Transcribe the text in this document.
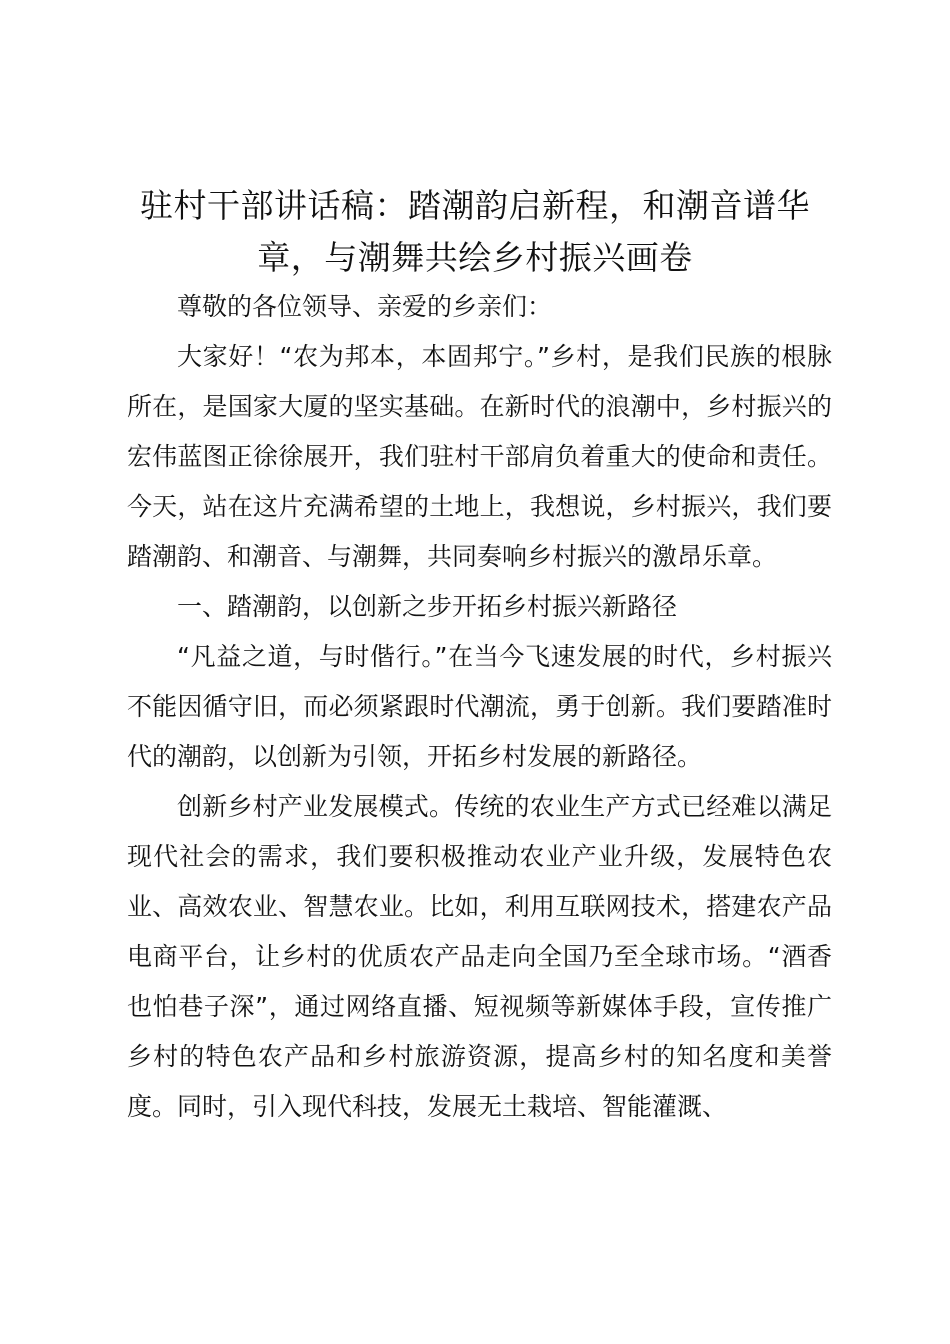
驻村干部讲话稿：踏潮韵启新程，和潮音谱华章，与潮舞共绘乡村振兴画卷

尊敬的各位领导、亲爱的乡亲们：

大家好！“农为邦本，本固邦宁。”乡村，是我们民族的根脉所在，是国家大厦的坚实基础。在新时代的浪潮中，乡村振兴的宏伟蓝图正徐徐展开，我们驻村干部肩负着重大的使命和责任。今天，站在这片充满希望的土地上，我想说，乡村振兴，我们要踏潮韵、和潮音、与潮舞，共同奏响乡村振兴的激昂乐章。

一、踏潮韵，以创新之步开拓乡村振兴新路径

“凡益之道，与时偕行。”在当今飞速发展的时代，乡村振兴不能因循守旧，而必须紧跟时代潮流，勇于创新。我们要踏准时代的潮韵，以创新为引领，开拓乡村发展的新路径。

创新乡村产业发展模式。传统的农业生产方式已经难以满足现代社会的需求，我们要积极推动农业产业升级，发展特色农业、高效农业、智慧农业。比如，利用互联网技术，搭建农产品电商平台，让乡村的优质农产品走向全国乃至全球市场。“酒香也怕巷子深”，通过网络直播、短视频等新媒体手段，宣传推广乡村的特色农产品和乡村旅游资源，提高乡村的知名度和美誉度。同时，引入现代科技，发展无土栽培、智能灌溉、
